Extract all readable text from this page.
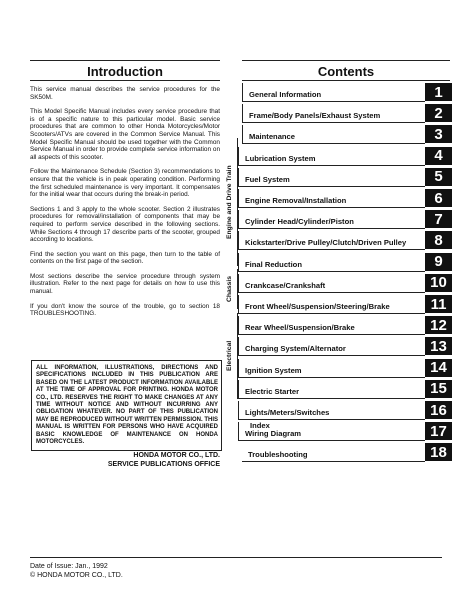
Introduction

This service manual describes the service procedures for the SK50M.

This Model Specific Manual includes every service procedure that is of a specific nature to this particular model. Basic service procedures that are common to other Honda Motorcycles/Motor Scooters/ATVs are covered in the Common Service Manual. This Model Specific Manual should be used together with the Common Service Manual in order to provide complete service information on all aspects of this scooter.

Follow the Maintenance Schedule (Section 3) recommendations to ensure that the vehicle is in peak operating condition. Performing the first scheduled maintenance is very important. It compensates for the initial wear that occurs during the break-in period.

Sections 1 and 3 apply to the whole scooter. Section 2 illustrates procedures for removal/installation of components that may be required to perform service described in the following sections. While Sections 4 through 17 describe parts of the scooter, grouped according to locations.

Find the section you want on this page, then turn to the table of contents on the first page of the section.

Most sections describe the service procedure through system illustration. Refer to the next page for details on how to use this manual.

If you don't know the source of the trouble, go to section 18 TROUBLESHOOTING.

ALL INFORMATION, ILLUSTRATIONS, DIRECTIONS AND SPECIFICATIONS INCLUDED IN THIS PUBLICATION ARE BASED ON THE LATEST PRODUCT INFORMATION AVAILABLE AT THE TIME OF APPROVAL FOR PRINTING. HONDA MOTOR CO., LTD. RESERVES THE RIGHT TO MAKE CHANGES AT ANY TIME WITHOUT NOTICE AND WITHOUT INCURRING ANY OBLIGATION WHATEVER. NO PART OF THIS PUBLICATION MAY BE REPRODUCED WITHOUT WRITTEN PERMISSION. THIS MANUAL IS WRITTEN FOR PERSONS WHO HAVE ACQUIRED BASIC KNOWLEDGE OF MAINTENANCE ON HONDA MOTORCYCLES.
HONDA MOTOR CO., LTD.
SERVICE PUBLICATIONS OFFICE
Date of Issue: Jan., 1992
© HONDA MOTOR CO., LTD.
Contents
General Information	1
Frame/Body Panels/Exhaust System	2
Maintenance	3
Lubrication System	4
Fuel System	5
Engine Removal/Installation	6
Cylinder Head/Cylinder/Piston	7
Kickstarter/Drive Pulley/Clutch/Driven Pulley	8
Final Reduction	9
Crankcase/Crankshaft	10
Front Wheel/Suspension/Steering/Brake	11
Rear Wheel/Suspension/Brake	12
Charging System/Alternator	13
Ignition System	14
Electric Starter	15
Lights/Meters/Switches	16
Wiring Diagram	17
Troubleshooting	18
Engine and Drive Train
Chassis
Electrical
Index
